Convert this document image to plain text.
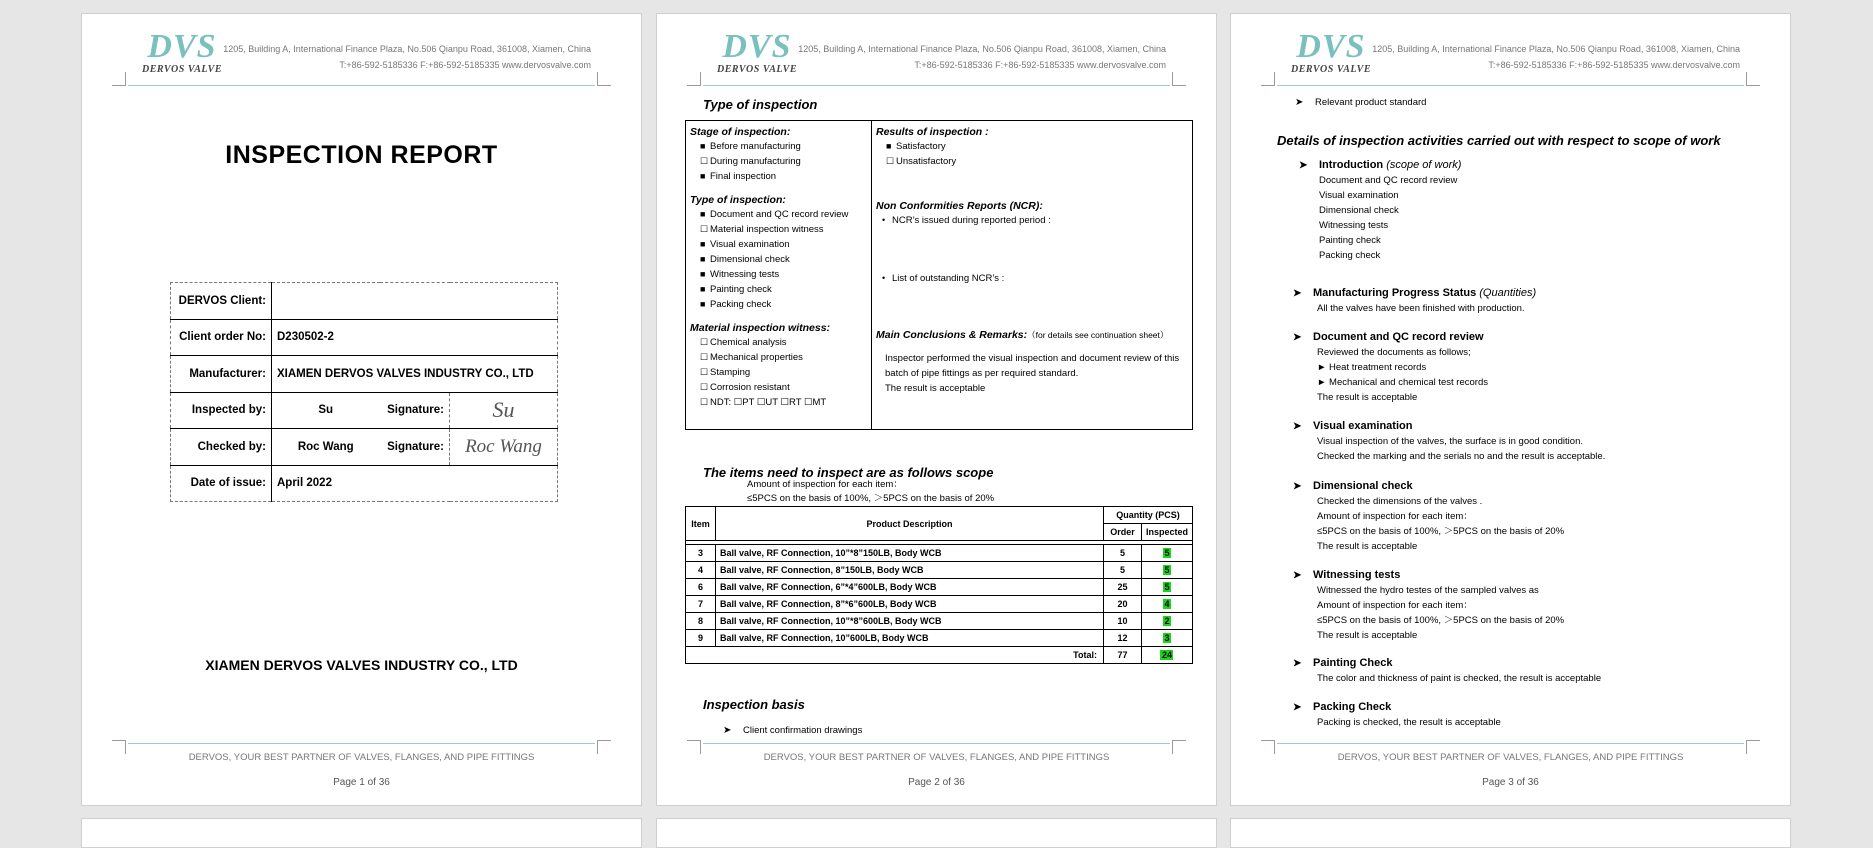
DVS
DERVOS VALVE
1205, Building A, International Finance Plaza, No.506 Qianpu Road, 361008, Xiamen, China
T:+86-592-5185336 F:+86-592-5185335 www.dervosvalve.com
INSPECTION REPORT
DERVOS Client:			
Client order No:	D230502-2		
Manufacturer:	XIAMEN DERVOS VALVES INDUSTRY CO., LTD		
Inspected by:	Su	Signature:	Su
Checked by:	Roc Wang	Signature:	Roc Wang
Date of issue:	April 2022		
XIAMEN DERVOS VALVES INDUSTRY CO., LTD
DERVOS, YOUR BEST PARTNER OF VALVES, FLANGES, AND PIPE FITTINGS
Page 1 of 36
DVS
DERVOS VALVE
1205, Building A, International Finance Plaza, No.506 Qianpu Road, 361008, Xiamen, China
T:+86-592-5185336 F:+86-592-5185335 www.dervosvalve.com
Type of inspection
Stage of inspection:
■ Before manufacturing
☐ During manufacturing
■ Final inspection
Type of inspection:
■ Document and QC record review
☐ Material inspection witness
■ Visual examination
■ Dimensional check
■ Witnessing tests
■ Painting check
■ Packing check
Material inspection witness:
☐ Chemical analysis
☐ Mechanical properties
☐ Stamping
☐ Corrosion resistant
☐ NDT: ☐PT ☐UT ☐RT ☐MT
Results of inspection :
■ Satisfactory
☐ Unsatisfactory
Non Conformities Reports (NCR):
• NCR’s issued during reported period :
• List of outstanding NCR’s :
Main Conclusions & Remarks:（for details see continuation sheet）
Inspector performed the visual inspection and document review of this batch of pipe fittings as per required standard.
The result is acceptable
The items need to inspect are as follows scope
Amount of inspection for each item：
≤5PCS on the basis of 100%, ＞5PCS on the basis of 20%
Item	Product Description	Quantity (PCS)	
		Order	Inspected

3	Ball valve, RF Connection, 10”*8”150LB, Body WCB	5	5
4	Ball valve, RF Connection, 8”150LB, Body WCB	5	5
6	Ball valve, RF Connection, 6”*4”600LB, Body WCB	25	5
7	Ball valve, RF Connection, 8”*6”600LB, Body WCB	20	4
8	Ball valve, RF Connection, 10”*8”600LB, Body WCB	10	2
9	Ball valve, RF Connection, 10”600LB, Body WCB	12	3
Total:		77	24
Inspection basis
➤ Client confirmation drawings
DERVOS, YOUR BEST PARTNER OF VALVES, FLANGES, AND PIPE FITTINGS
Page 2 of 36
DVS
DERVOS VALVE
1205, Building A, International Finance Plaza, No.506 Qianpu Road, 361008, Xiamen, China
T:+86-592-5185336 F:+86-592-5185335 www.dervosvalve.com
➤ Relevant product standard
Details of inspection activities carried out with respect to scope of work
➤ Introduction (scope of work)
Document and QC record review
Visual examination
Dimensional check
Witnessing tests
Painting check
Packing check
➤ Manufacturing Progress Status (Quantities)
All the valves have been finished with production.
➤ Document and QC record review
Reviewed the documents as follows;
► Heat treatment records
► Mechanical and chemical test records
The result is acceptable
➤ Visual examination
Visual inspection of the valves, the surface is in good condition.
Checked the marking and the serials no and the result is acceptable.
➤ Dimensional check
Checked the dimensions of the valves .
Amount of inspection for each item：
≤5PCS on the basis of 100%, ＞5PCS on the basis of 20%
The result is acceptable
➤ Witnessing tests
Witnessed the hydro testes of the sampled valves as
Amount of inspection for each item：
≤5PCS on the basis of 100%, ＞5PCS on the basis of 20%
The result is acceptable
➤ Painting Check
The color and thickness of paint is checked, the result is acceptable
➤ Packing Check
Packing is checked, the result is acceptable
DERVOS, YOUR BEST PARTNER OF VALVES, FLANGES, AND PIPE FITTINGS
Page 3 of 36
